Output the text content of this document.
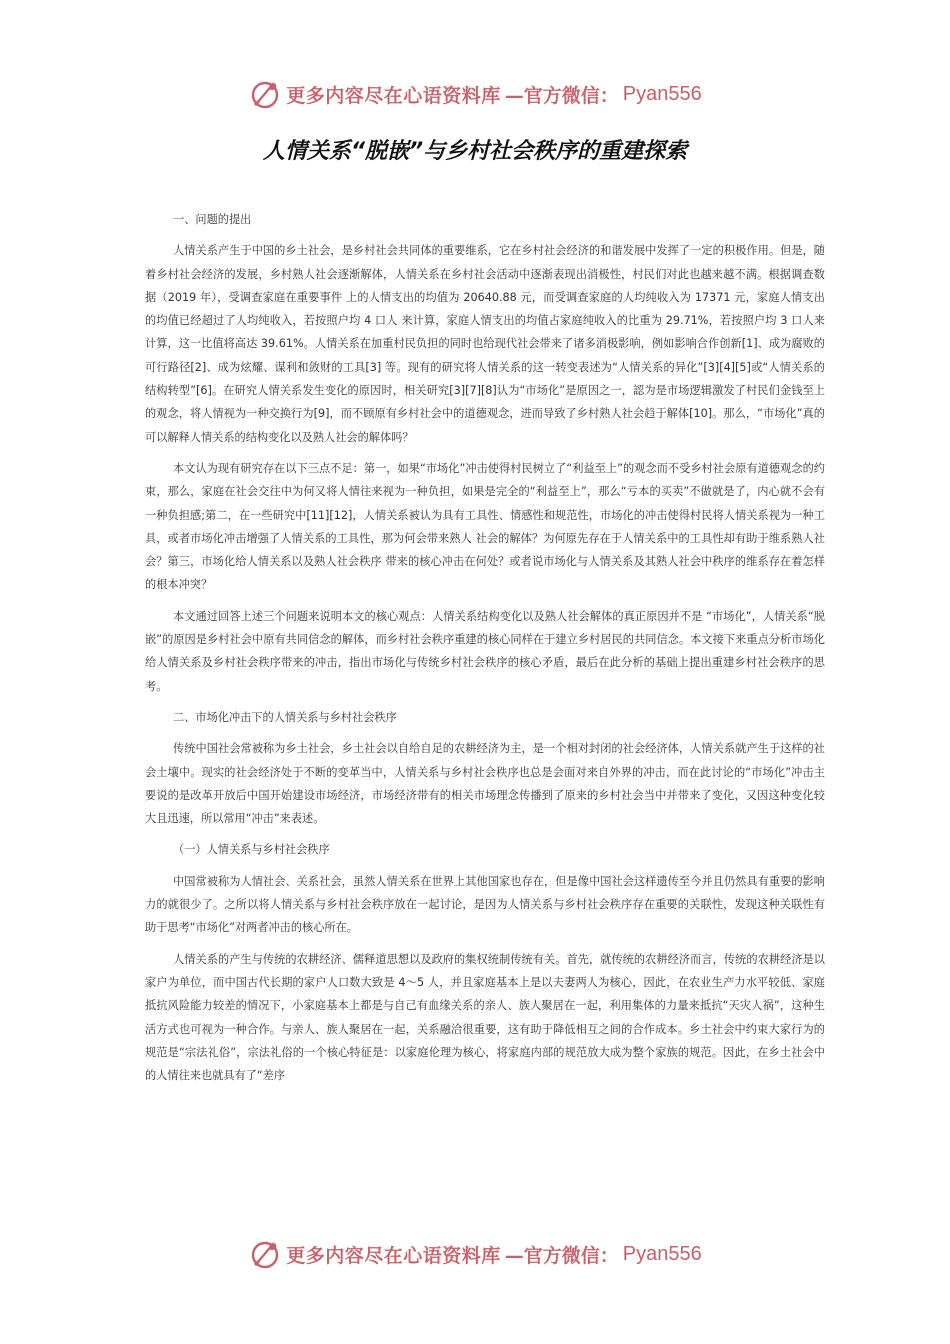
更多内容尽在心语资料库 —官方微信： Pyan556
人情关系“脱嵌”与乡村社会秩序的重建探索

一、问题的提出

人情关系产生于中国的乡土社会，是乡村社会共同体的重要维系，它在乡村社会经济的和谐发展中发挥了一定的积极作用。但是，随着乡村社会经济的发展，乡村熟人社会逐渐解体，人情关系在乡村社会活动中逐渐表现出消极性，村民们对此也越来越不满。根据调查数据（2019 年），受调查家庭在重要事件 上的人情支出的均值为 20640.88 元，而受调查家庭的人均纯收入为 17371 元，家庭人情支出的均值已经超过了人均纯收入，若按照户均 4 口人 来计算，家庭人情支出的均值占家庭纯收入的比重为 29.71%，若按照户均 3 口人来计算，这一比值将高达 39.61%。人情关系在加重村民负担的同时也给现代社会带来了诸多消极影响，例如影响合作创新[1]、成为腐败的可行路径[2]、成为炫耀、谋利和敛财的工具[3] 等。现有的研究将人情关系的这一转变表述为“人情关系的异化”[3][4][5]或“人情关系的结构转型”[6]。在研究人情关系发生变化的原因时，相关研究[3][7][8]认为“市场化”是原因之一，認为是市场逻辑激发了村民们金钱至上的观念，将人情视为一种交换行为[9]，而不顾原有乡村社会中的道德观念，进而导致了乡村熟人社会趋于解体[10]。那么，“市场化”真的可以解释人情关系的结构变化以及熟人社会的解体吗？

本文认为现有研究存在以下三点不足：第一，如果“市场化”冲击使得村民树立了“利益至上”的观念而不受乡村社会原有道德观念的约束，那么，家庭在社会交往中为何又将人情往来视为一种负担，如果是完全的“利益至上”，那么“亏本的买卖”不做就是了，内心就不会有一种负担感;第二，在一些研究中[11][12]，人情关系被认为具有工具性、情感性和规范性，市场化的冲击使得村民将人情关系视为一种工具，或者市场化冲击增强了人情关系的工具性，那为何会带来熟人 社会的解体？为何原先存在于人情关系中的工具性却有助于维系熟人社会？第三，市场化给人情关系以及熟人社会秩序 带来的核心冲击在何处？或者说市场化与人情关系及其熟人社会中秩序的维系存在着怎样的根本冲突？

本文通过回答上述三个问题来说明本文的核心观点：人情关系结构变化以及熟人社会解体的真正原因并不是 “市场化”，人情关系“脱嵌”的原因是乡村社会中原有共同信念的解体，而乡村社会秩序重建的核心同样在于建立乡村居民的共同信念。本文接下来重点分析市场化给人情关系及乡村社会秩序带来的冲击，指出市场化与传统乡村社会秩序的核心矛盾，最后在此分析的基础上提出重建乡村社会秩序的思考。

二、市场化冲击下的人情关系与乡村社会秩序

传统中国社会常被称为乡土社会，乡土社会以自给自足的农耕经济为主，是一个相对封闭的社会经济体，人情关系就产生于这样的社会土壤中。现实的社会经济处于不断的变革当中，人情关系与乡村社会秩序也总是会面对来自外界的冲击，而在此讨论的“市场化”冲击主要说的是改革开放后中国开始建设市场经济，市场经济带有的相关市场理念传播到了原来的乡村社会当中并带来了变化，又因这种变化较大且迅速，所以常用“冲击”来表述。

（一）人情关系与乡村社会秩序

中国常被称为人情社会、关系社会，虽然人情关系在世界上其他国家也存在，但是像中国社会这样遗传至今并且仍然具有重要的影响力的就很少了。之所以将人情关系与乡村社会秩序放在一起讨论，是因为人情关系与乡村社会秩序存在重要的关联性，发现这种关联性有助于思考“市场化”对两者冲击的核心所在。

人情关系的产生与传统的农耕经济、儒释道思想以及政府的集权统制传统有关。首先，就传统的农耕经济而言，传统的农耕经济是以家户为单位，而中国古代长期的家户人口数大致是 4～5 人，并且家庭基本上是以夫妻两人为核心，因此，在农业生产力水平较低、家庭抵抗风险能力较差的情况下，小家庭基本上都是与自己有血缘关系的亲人、族人聚居在一起，利用集体的力量来抵抗“天灾人祸”，这种生活方式也可视为一种合作。与亲人、族人聚居在一起，关系融洽很重要，这有助于降低相互之间的合作成本。乡土社会中约束大家行为的规范是“宗法礼俗”，宗法礼俗的一个核心特征是：以家庭伦理为核心，将家庭内部的规范放大成为整个家族的规范。因此，在乡土社会中的人情往来也就具有了“差序

更多内容尽在心语资料库 —官方微信： Pyan556
